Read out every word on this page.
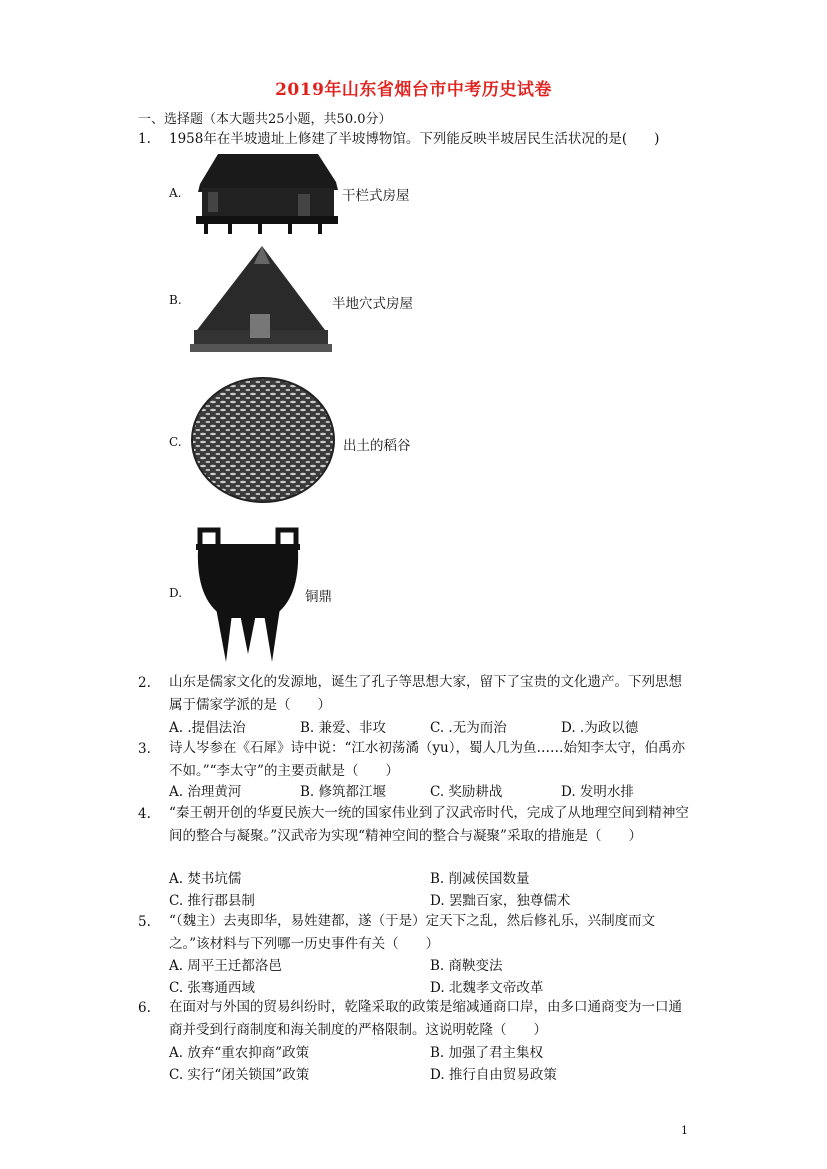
2019年山东省烟台市中考历史试卷
一、选择题（本大题共25小题，共50.0分）
1. 1958年在半坡遗址上修建了半坡博物馆。下列能反映半坡居民生活状况的是(　　)
A.	干栏式房屋
B.	半地穴式房屋
C.	出土的稻谷
D.	铜鼎
2. 山东是儒家文化的发源地，诞生了孔子等思想大家，留下了宝贵的文化遗产。下列思想属于儒家学派的是（　　）
A. .提倡法治	B. 兼爱、非攻	C. .无为而治	D. .为政以德
3. 诗人岑参在《石犀》诗中说：“江水初荡潏（yu），蜀人几为鱼……始知李太守，伯禹亦不如。”“李太守”的主要贡献是（　　）
A. 治理黄河	B. 修筑都江堰	C. 奖励耕战	D. 发明水排
4. “秦王朝开创的华夏民族大一统的国家伟业到了汉武帝时代，完成了从地理空间到精神空间的整合与凝聚。”汉武帝为实现“精神空间的整合与凝聚”采取的措施是（　　）
A. 焚书坑儒	B. 削减侯国数量
C. 推行郡县制	D. 罢黜百家，独尊儒术
5. “（魏主）去夷即华，易姓建都，遂（于是）定天下之乱，然后修礼乐，兴制度而文之。”该材料与下列哪一历史事件有关（　　）
A. 周平王迁都洛邑	B. 商鞅变法
C. 张骞通西域	D. 北魏孝文帝改革
6. 在面对与外国的贸易纠纷时，乾隆采取的政策是缩减通商口岸，由多口通商变为一口通商并受到行商制度和海关制度的严格限制。这说明乾隆（　　）
A. 放弃“重农抑商”政策	B. 加强了君主集权
C. 实行“闭关锁国”政策	D. 推行自由贸易政策
1
